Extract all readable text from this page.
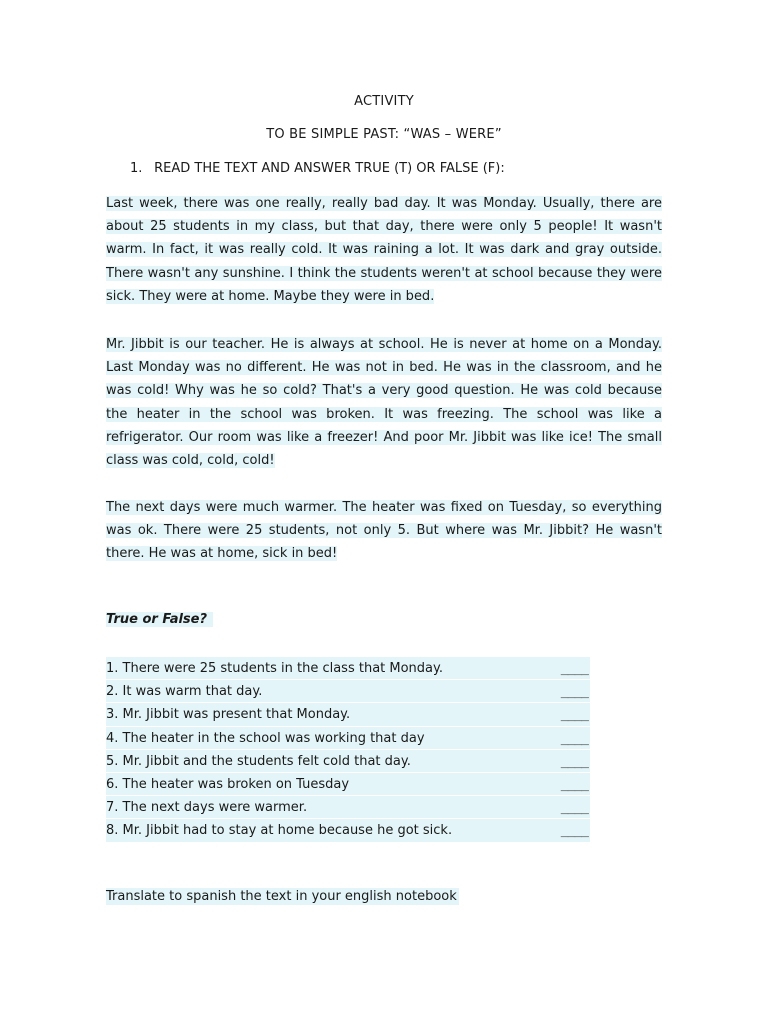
ACTIVITY
TO BE SIMPLE PAST: “WAS – WERE”
1. READ THE TEXT AND ANSWER TRUE (T) OR FALSE (F):
Last week, there was one really, really bad day. It was Monday. Usually, there are about 25 students in my class, but that day, there were only 5 people! It wasn't warm. In fact, it was really cold. It was raining a lot. It was dark and gray outside. There wasn't any sunshine. I think the students weren't at school because they were sick. They were at home. Maybe they were in bed.
Mr. Jibbit is our teacher. He is always at school. He is never at home on a Monday. Last Monday was no different. He was not in bed. He was in the classroom, and he was cold! Why was he so cold? That's a very good question. He was cold because the heater in the school was broken. It was freezing. The school was like a refrigerator. Our room was like a freezer! And poor Mr. Jibbit was like ice! The small class was cold, cold, cold!
The next days were much warmer. The heater was fixed on Tuesday, so everything was ok. There were 25 students, not only 5. But where was Mr. Jibbit? He wasn't there. He was at home, sick in bed!
True or False?
1. There were 25 students in the class that Monday.	____
2. It was warm that day.	____
3. Mr. Jibbit was present that Monday.	____
4. The heater in the school was working that day	____
5. Mr. Jibbit and the students felt cold that day.	____
6. The heater was broken on Tuesday	____
7. The next days were warmer.	____
8. Mr. Jibbit had to stay at home because he got sick.	____
Translate to spanish the text in your english notebook
